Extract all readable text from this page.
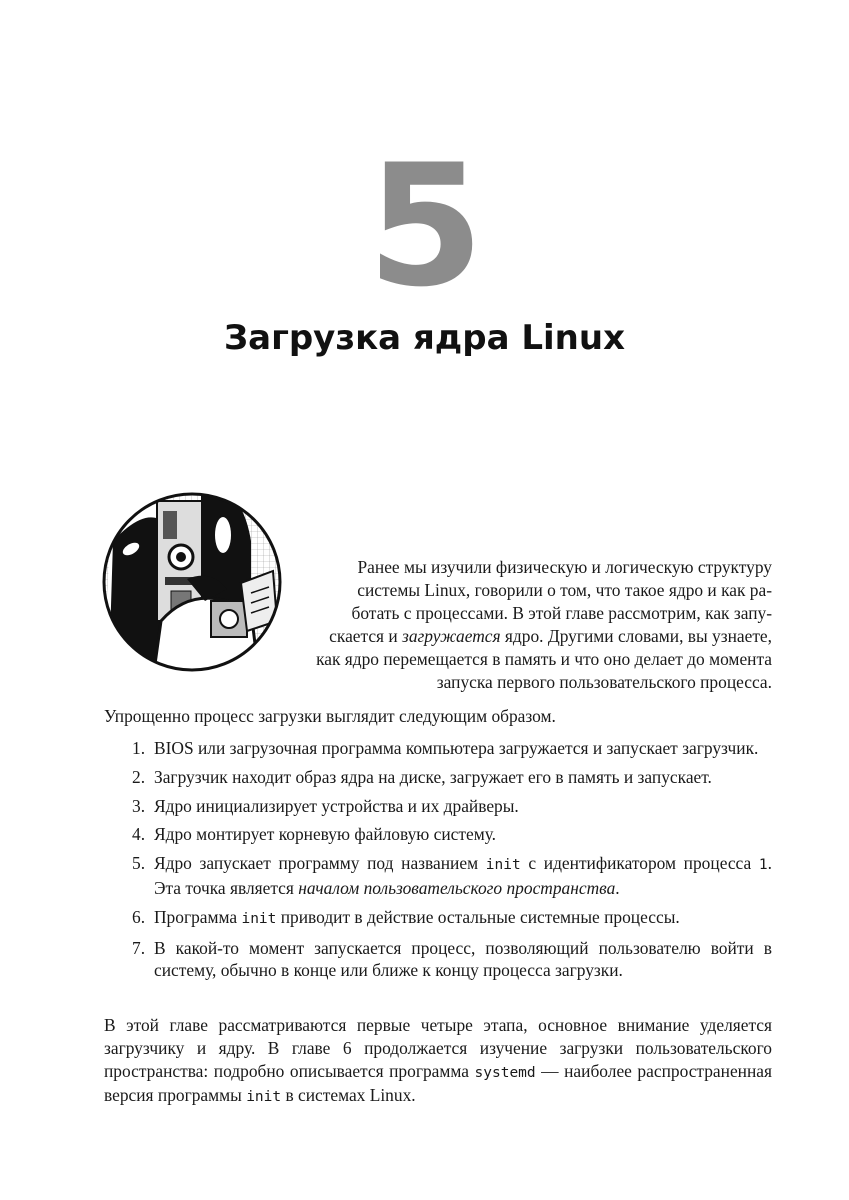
5
Загрузка ядра Linux
Ранее мы изучили физическую и логическую структуру
системы Linux, говорили о том, что такое ядро и как ра-
ботать с процессами. В этой главе рассмотрим, как запу-
скается и загружается ядро. Другими словами, вы узнаете,
как ядро перемещается в память и что оно делает до момента
запуска первого пользовательского процесса.
Упрощенно процесс загрузки выглядит следующим образом.
1. BIOS или загрузочная программа компьютера загружается и запускает загрузчик.
2. Загрузчик находит образ ядра на диске, загружает его в память и запускает.
3. Ядро инициализирует устройства и их драйверы.
4. Ядро монтирует корневую файловую систему.
5. Ядро запускает программу под названием init с идентификатором процесса 1. Эта точка является началом пользовательского пространства.
6. Программа init приводит в действие остальные системные процессы.
7. В какой-то момент запускается процесс, позволяющий пользователю войти в систему, обычно в конце или ближе к концу процесса загрузки.
В этой главе рассматриваются первые четыре этапа, основное внимание уделяется загрузчику и ядру. В главе 6 продолжается изучение загрузки пользовательского пространства: подробно описывается программа systemd — наиболее распространенная версия программы init в системах Linux.
